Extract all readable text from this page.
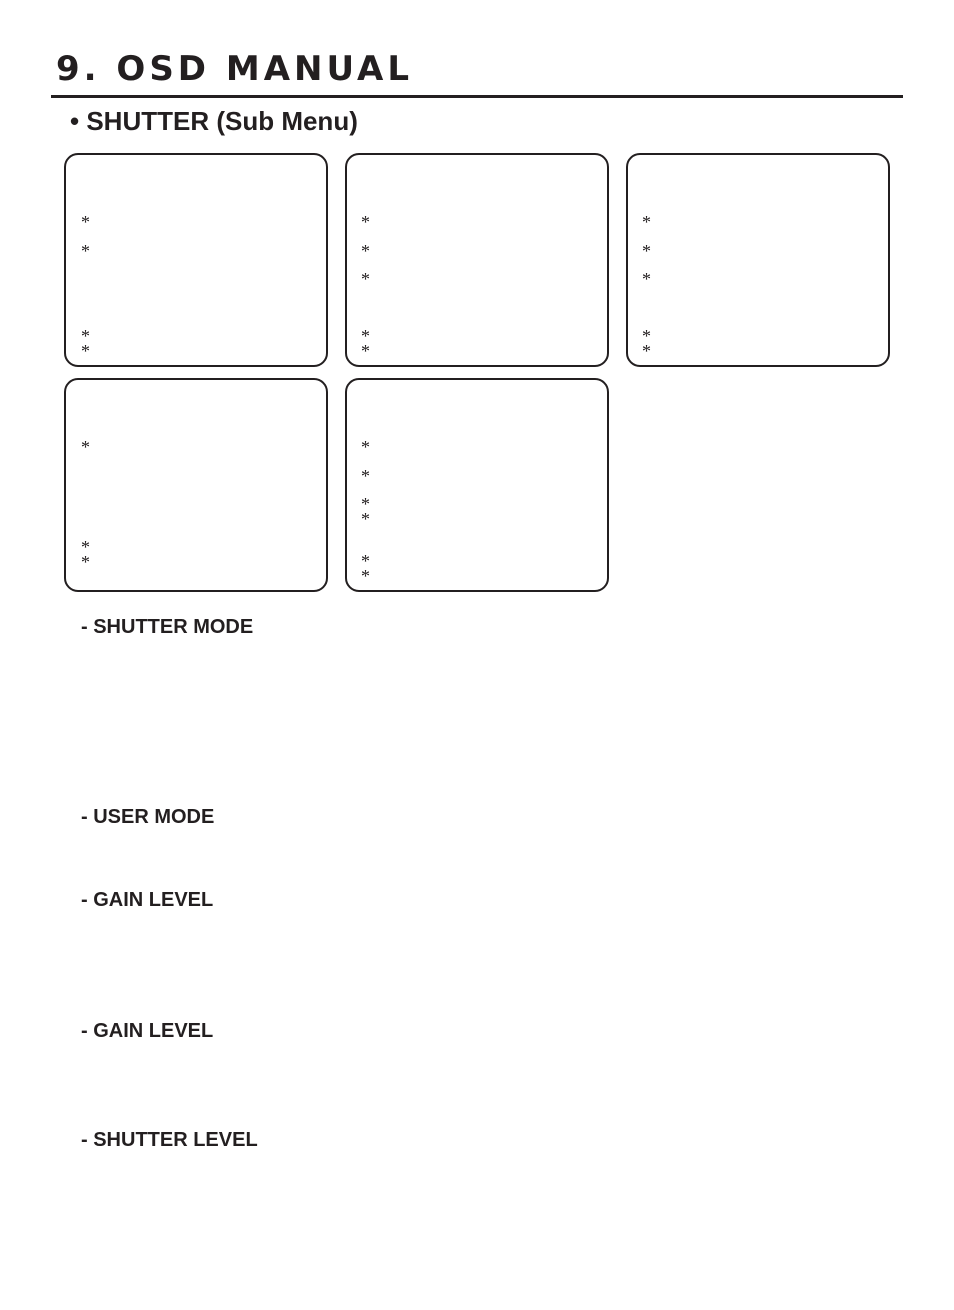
9. OSD MANUAL
• SHUTTER (Sub Menu)
*
*
*
*
*
*
*
*
*
*
*
*
*
*
*
*
*
*
*
*
*
*
*
- SHUTTER MODE
- USER MODE
- GAIN LEVEL
- GAIN LEVEL
- SHUTTER LEVEL
